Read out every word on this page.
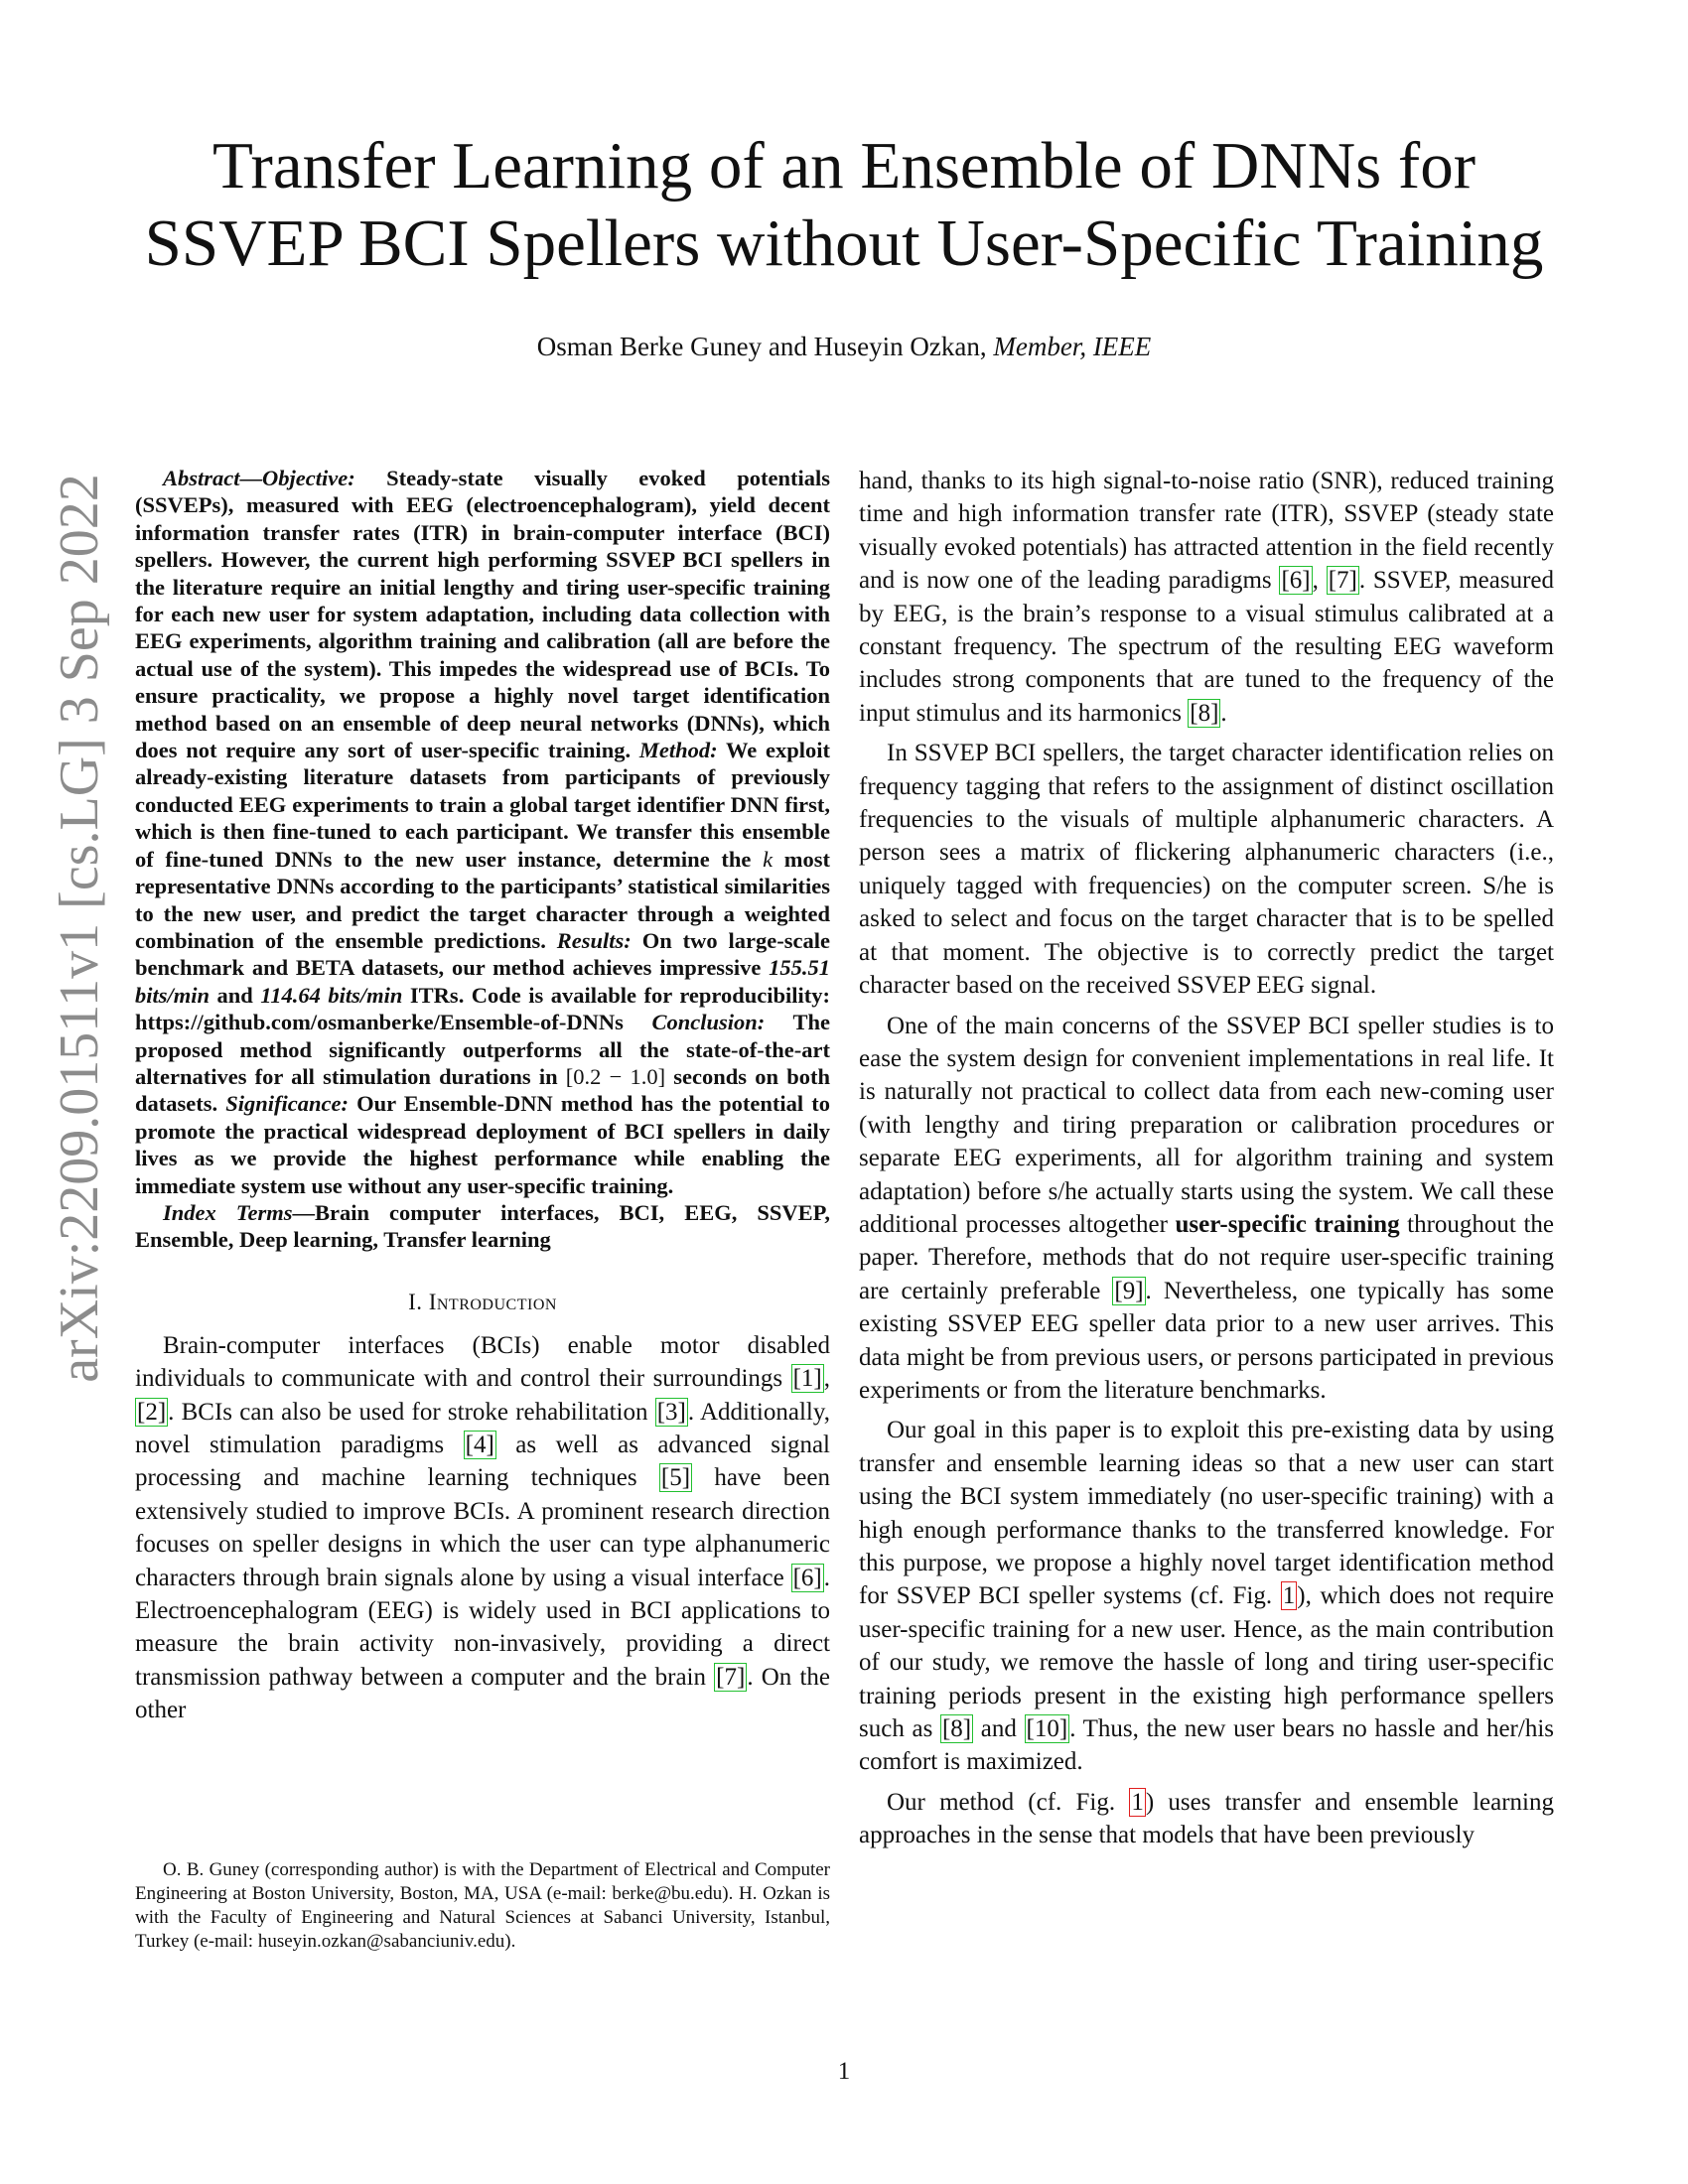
arXiv:2209.01511v1 [cs.LG] 3 Sep 2022
Transfer Learning of an Ensemble of DNNs for
SSVEP BCI Spellers without User-Specific Training
Osman Berke Guney and Huseyin Ozkan, Member, IEEE

Abstract—Objective: Steady-state visually evoked potentials (SSVEPs), measured with EEG (electroencephalogram), yield decent information transfer rates (ITR) in brain-computer interface (BCI) spellers. However, the current high performing SSVEP BCI spellers in the literature require an initial lengthy and tiring user-specific training for each new user for system adaptation, including data collection with EEG experiments, algorithm training and calibration (all are before the actual use of the system). This impedes the widespread use of BCIs. To ensure practicality, we propose a highly novel target identification method based on an ensemble of deep neural networks (DNNs), which does not require any sort of user-specific training. Method: We exploit already-existing literature datasets from participants of previously conducted EEG experiments to train a global target identifier DNN first, which is then fine-tuned to each participant. We transfer this ensemble of fine-tuned DNNs to the new user instance, determine the k most representative DNNs according to the participants’ statistical similarities to the new user, and predict the target character through a weighted combination of the ensemble predictions. Results: On two large-scale benchmark and BETA datasets, our method achieves impressive 155.51 bits/min and 114.64 bits/min ITRs. Code is available for reproducibility: https://github.com/osmanberke/Ensemble-of-DNNs Conclusion: The proposed method significantly outperforms all the state-of-the-art alternatives for all stimulation durations in [0.2 − 1.0] seconds on both datasets. Significance: Our Ensemble-DNN method has the potential to promote the practical widespread deployment of BCI spellers in daily lives as we provide the highest performance while enabling the immediate system use without any user-specific training.

Index Terms—Brain computer interfaces, BCI, EEG, SSVEP, Ensemble, Deep learning, Transfer learning

I. Introduction

Brain-computer interfaces (BCIs) enable motor disabled individuals to communicate with and control their surroundings [1], [2]. BCIs can also be used for stroke rehabilitation [3]. Additionally, novel stimulation paradigms [4] as well as advanced signal processing and machine learning techniques [5] have been extensively studied to improve BCIs. A prominent research direction focuses on speller designs in which the user can type alphanumeric characters through brain signals alone by using a visual interface [6]. Electroencephalogram (EEG) is widely used in BCI applications to measure the brain activity non-invasively, providing a direct transmission pathway between a computer and the brain [7]. On the other

O. B. Guney (corresponding author) is with the Department of Electrical and Computer Engineering at Boston University, Boston, MA, USA (e-mail: berke@bu.edu). H. Ozkan is with the Faculty of Engineering and Natural Sciences at Sabanci University, Istanbul, Turkey (e-mail: huseyin.ozkan@sabanciuniv.edu).

hand, thanks to its high signal-to-noise ratio (SNR), reduced training time and high information transfer rate (ITR), SSVEP (steady state visually evoked potentials) has attracted attention in the field recently and is now one of the leading paradigms [6], [7]. SSVEP, measured by EEG, is the brain’s response to a visual stimulus calibrated at a constant frequency. The spectrum of the resulting EEG waveform includes strong components that are tuned to the frequency of the input stimulus and its harmonics [8].

In SSVEP BCI spellers, the target character identification relies on frequency tagging that refers to the assignment of distinct oscillation frequencies to the visuals of multiple alphanumeric characters. A person sees a matrix of flickering alphanumeric characters (i.e., uniquely tagged with frequencies) on the computer screen. S/he is asked to select and focus on the target character that is to be spelled at that moment. The objective is to correctly predict the target character based on the received SSVEP EEG signal.

One of the main concerns of the SSVEP BCI speller studies is to ease the system design for convenient implementations in real life. It is naturally not practical to collect data from each new-coming user (with lengthy and tiring preparation or calibration procedures or separate EEG experiments, all for algorithm training and system adaptation) before s/he actually starts using the system. We call these additional processes altogether user-specific training throughout the paper. Therefore, methods that do not require user-specific training are certainly preferable [9]. Nevertheless, one typically has some existing SSVEP EEG speller data prior to a new user arrives. This data might be from previous users, or persons participated in previous experiments or from the literature benchmarks.

Our goal in this paper is to exploit this pre-existing data by using transfer and ensemble learning ideas so that a new user can start using the BCI system immediately (no user-specific training) with a high enough performance thanks to the transferred knowledge. For this purpose, we propose a highly novel target identification method for SSVEP BCI speller systems (cf. Fig. 1), which does not require user-specific training for a new user. Hence, as the main contribution of our study, we remove the hassle of long and tiring user-specific training periods present in the existing high performance spellers such as [8] and [10]. Thus, the new user bears no hassle and her/his comfort is maximized.

Our method (cf. Fig. 1) uses transfer and ensemble learning approaches in the sense that models that have been previously

1
